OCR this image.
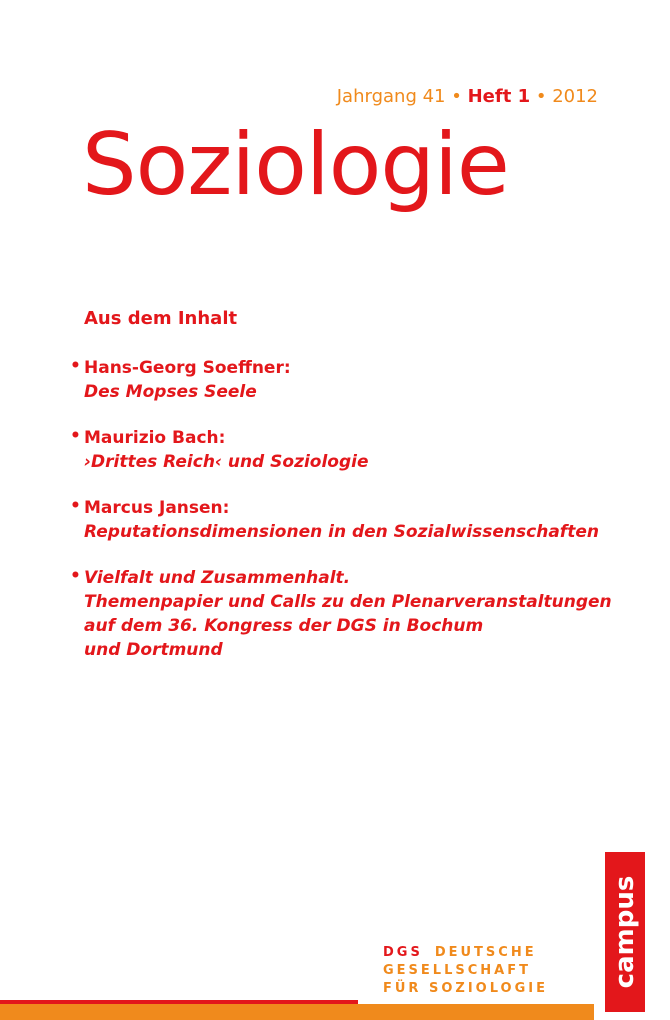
Jahrgang 41 • Heft 1 • 2012
Soziologie
Aus dem Inhalt
• Hans-Georg Soeffner:
Des Mopses Seele
• Maurizio Bach:
›Drittes Reich‹ und Soziologie
• Marcus Jansen:
Reputationsdimensionen in den Sozialwissenschaften
• Vielfalt und Zusammenhalt.
Themenpapier und Calls zu den Plenarveranstaltungen
auf dem 36. Kongress der DGS in Bochum
und Dortmund
campus
DGS DEUTSCHE
GESELLSCHAFT
FÜR SOZIOLOGIE
